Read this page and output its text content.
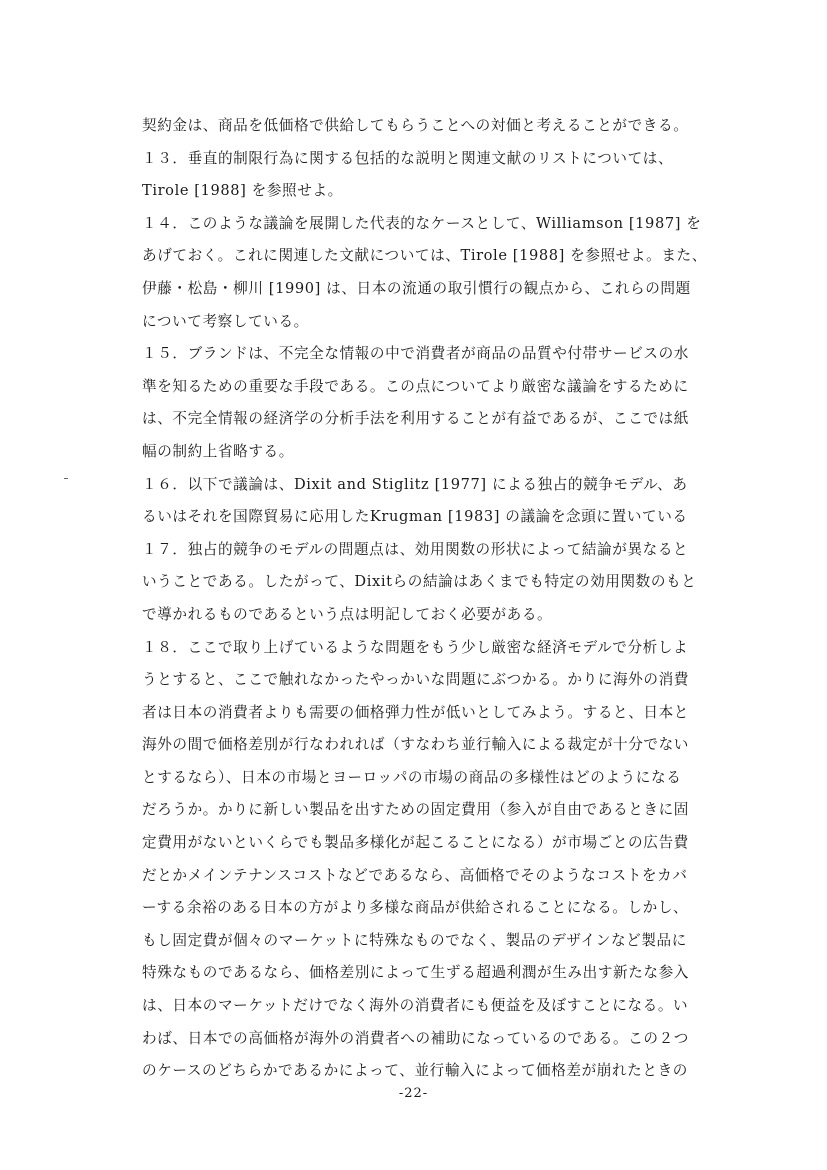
契約金は、商品を低価格で供給してもらうことへの対価と考えることができる。
１３．垂直的制限行為に関する包括的な説明と関連文献のリストについては、
Tirole [1988] を参照せよ。
１４．このような議論を展開した代表的なケースとして、Williamson [1987] を
あげておく。これに関連した文献については、Tirole [1988] を参照せよ。また、
伊藤・松島・柳川 [1990] は、日本の流通の取引慣行の観点から、これらの問題
について考察している。
１５．ブランドは、不完全な情報の中で消費者が商品の品質や付帯サービスの水
準を知るための重要な手段である。この点についてより厳密な議論をするために
は、不完全情報の経済学の分析手法を利用することが有益であるが、ここでは紙
幅の制約上省略する。
１６．以下で議論は、Dixit and Stiglitz [1977] による独占的競争モデル、あ
るいはそれを国際貿易に応用したKrugman [1983] の議論を念頭に置いている
１７．独占的競争のモデルの問題点は、効用関数の形状によって結論が異なると
いうことである。したがって、Dixitらの結論はあくまでも特定の効用関数のもと
で導かれるものであるという点は明記しておく必要がある。
１８．ここで取り上げているような問題をもう少し厳密な経済モデルで分析しよ
うとすると、ここで触れなかったやっかいな問題にぶつかる。かりに海外の消費
者は日本の消費者よりも需要の価格弾力性が低いとしてみよう。すると、日本と
海外の間で価格差別が行なわれれば（すなわち並行輸入による裁定が十分でない
とするなら）、日本の市場とヨーロッパの市場の商品の多様性はどのようになる
だろうか。かりに新しい製品を出すための固定費用（参入が自由であるときに固
定費用がないといくらでも製品多様化が起こることになる）が市場ごとの広告費
だとかメインテナンスコストなどであるなら、高価格でそのようなコストをカバ
ーする余裕のある日本の方がより多様な商品が供給されることになる。しかし、
もし固定費が個々のマーケットに特殊なものでなく、製品のデザインなど製品に
特殊なものであるなら、価格差別によって生ずる超過利潤が生み出す新たな参入
は、日本のマーケットだけでなく海外の消費者にも便益を及ぼすことになる。い
わば、日本での高価格が海外の消費者への補助になっているのである。この２つ
のケースのどちらかであるかによって、並行輸入によって価格差が崩れたときの
-22-
